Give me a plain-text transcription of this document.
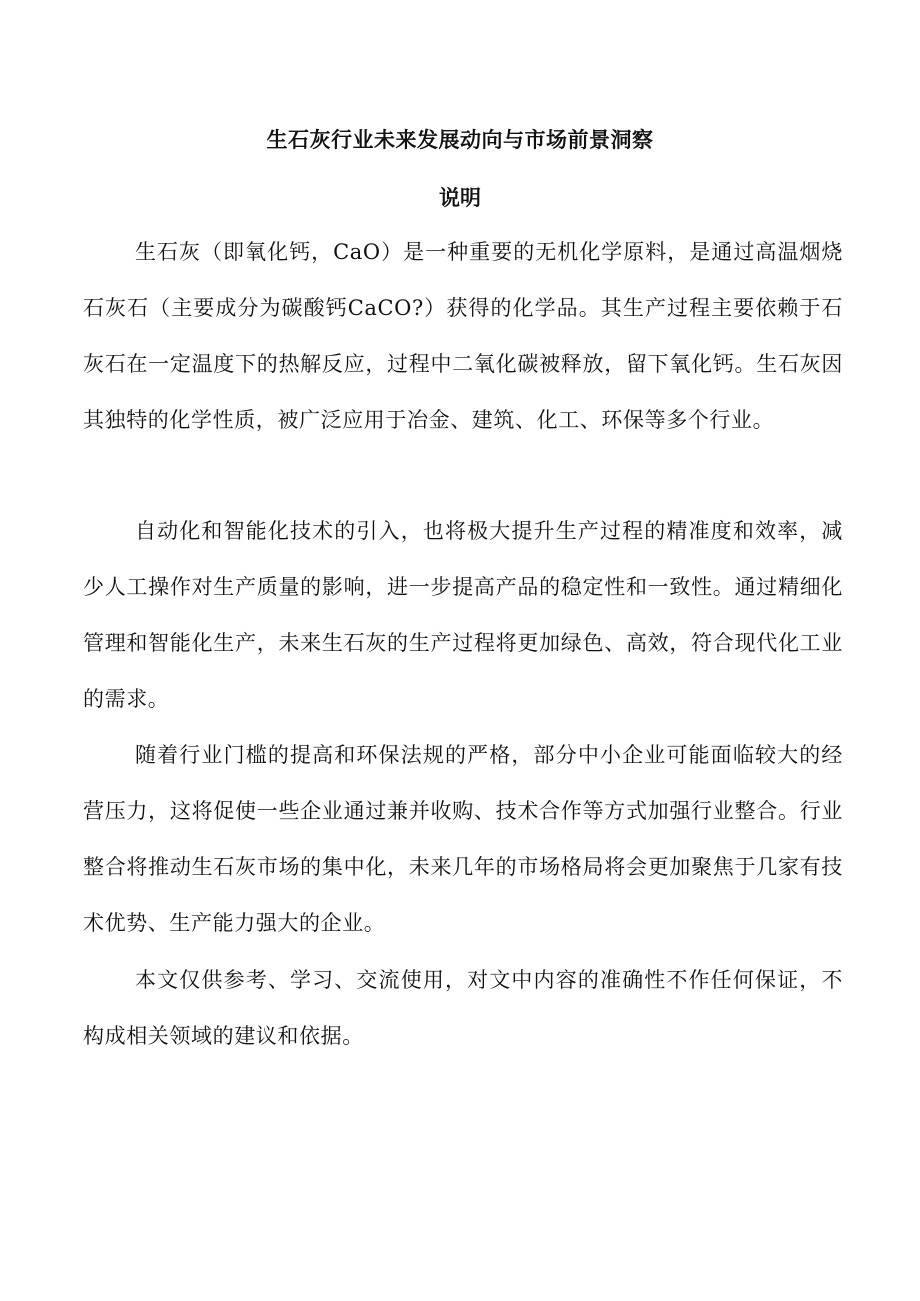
生石灰行业未来发展动向与市场前景洞察
说明

生石灰（即氧化钙，CaO）是一种重要的无机化学原料，是通过高温烟烧石灰石（主要成分为碳酸钙CaCO?）获得的化学品。其生产过程主要依赖于石灰石在一定温度下的热解反应，过程中二氧化碳被释放，留下氧化钙。生石灰因其独特的化学性质，被广泛应用于冶金、建筑、化工、环保等多个行业。

自动化和智能化技术的引入，也将极大提升生产过程的精准度和效率，减少人工操作对生产质量的影响，进一步提高产品的稳定性和一致性。通过精细化管理和智能化生产，未来生石灰的生产过程将更加绿色、高效，符合现代化工业的需求。

随着行业门槛的提高和环保法规的严格，部分中小企业可能面临较大的经营压力，这将促使一些企业通过兼并收购、技术合作等方式加强行业整合。行业整合将推动生石灰市场的集中化，未来几年的市场格局将会更加聚焦于几家有技术优势、生产能力强大的企业。

本文仅供参考、学习、交流使用，对文中内容的准确性不作任何保证，不构成相关领域的建议和依据。
